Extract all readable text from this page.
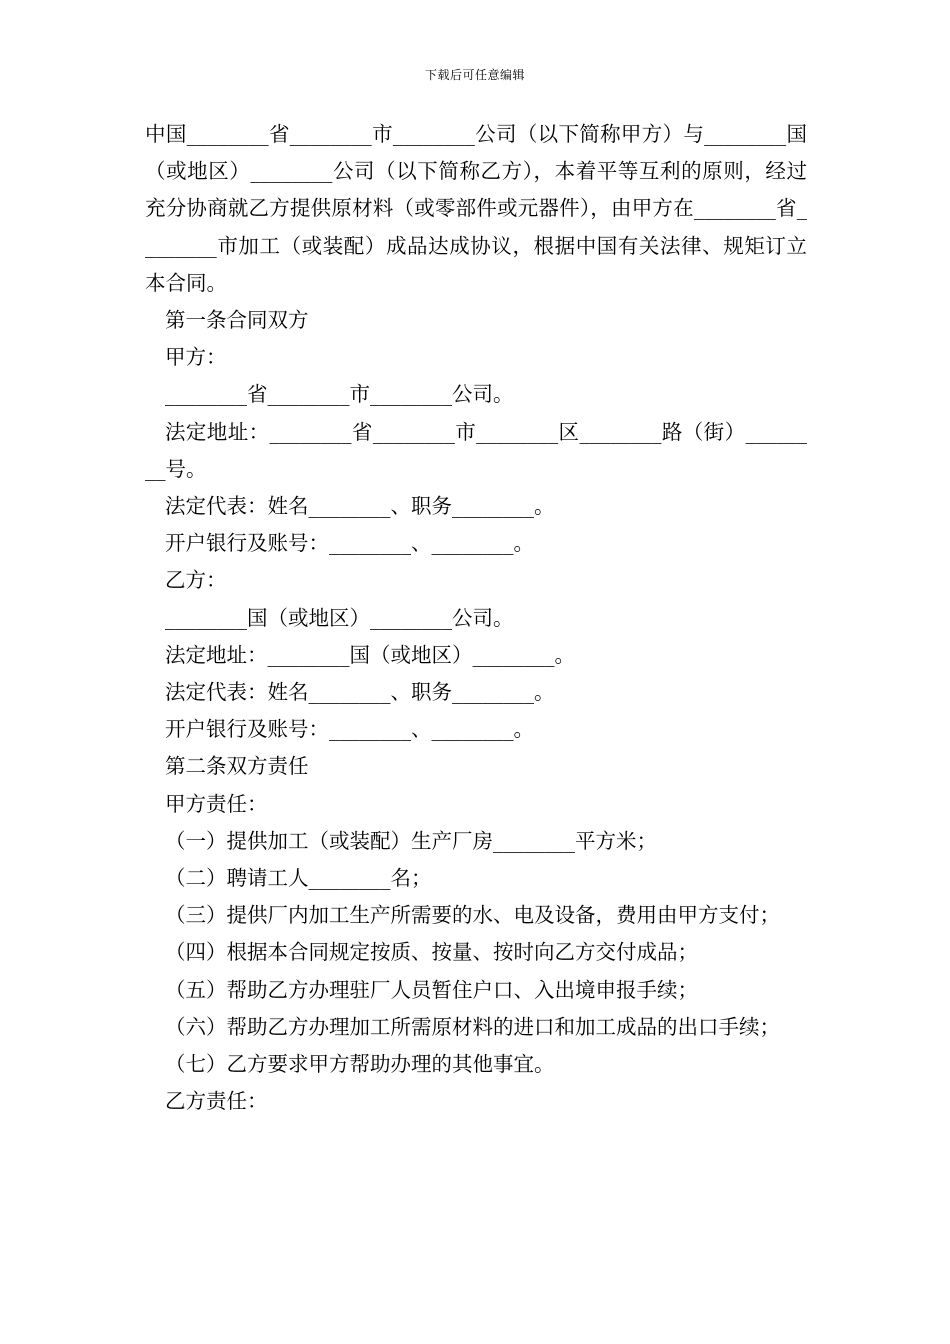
下载后可任意编辑

中国________省________市________公司（以下简称甲方）与________国（或地区）________公司（以下简称乙方），本着平等互利的原则，经过充分协商就乙方提供原材料（或零部件或元器件），由甲方在________省________市加工（或装配）成品达成协议，根据中国有关法律、规矩订立本合同。

第一条合同双方

甲方：

________省________市________公司。

法定地址：________省________市________区________路（街）________号。

法定代表：姓名________、职务________。

开户银行及账号：________、________。

乙方：

________国（或地区）________公司。

法定地址：________国（或地区）________。

法定代表：姓名________、职务________。

开户银行及账号：________、________。

第二条双方责任

甲方责任：

（一）提供加工（或装配）生产厂房________平方米；

（二）聘请工人________名；

（三）提供厂内加工生产所需要的水、电及设备，费用由甲方支付；

（四）根据本合同规定按质、按量、按时向乙方交付成品；

（五）帮助乙方办理驻厂人员暂住户口、入出境申报手续；

（六）帮助乙方办理加工所需原材料的进口和加工成品的出口手续；

（七）乙方要求甲方帮助办理的其他事宜。

乙方责任：
